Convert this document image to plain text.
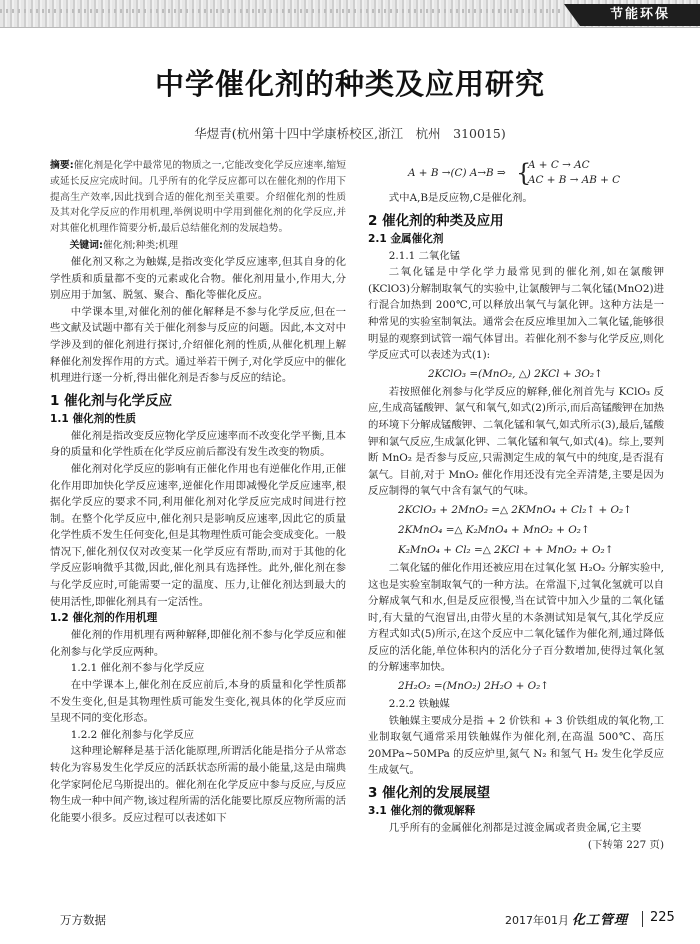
节能环保
中学催化剂的种类及应用研究
华煜青(杭州第十四中学康桥校区,浙江　杭州　310015)
摘要:催化剂是化学中最常见的物质之一,它能改变化学反应速率,缩短或延长反应完成时间。几乎所有的化学反应都可以在催化剂的作用下提高生产效率,因此找到合适的催化剂至关重要。介绍催化剂的性质及其对化学反应的作用机理,举例说明中学用到催化剂的化学反应,并对其催化机理作简要分析,最后总结催化剂的发展趋势。
关键词:催化剂;种类;机理

催化剂又称之为触媒,是指改变化学反应速率,但其自身的化学性质和质量都不变的元素或化合物。催化剂用量小,作用大,分别应用于加氢、脱氢、聚合、酯化等催化反应。

中学课本里,对催化剂的催化解释是不参与化学反应,但在一些文献及试题中都有关于催化剂参与反应的问题。因此,本文对中学涉及到的催化剂进行探讨,介绍催化剂的性质,从催化机理上解释催化剂发挥作用的方式。通过举若干例子,对化学反应中的催化机理进行逐一分析,得出催化剂是否参与反应的结论。

1 催化剂与化学反应
1.1 催化剂的性质

催化剂是指改变反应物化学反应速率而不改变化学平衡,且本身的质量和化学性质在化学反应前后都没有发生改变的物质。

催化剂对化学反应的影响有正催化作用也有逆催化作用,正催化作用即加快化学反应速率,逆催化作用即减慢化学反应速率,根据化学反应的要求不同,利用催化剂对化学反应完成时间进行控制。在整个化学反应中,催化剂只是影响反应速率,因此它的质量化学性质不发生任何变化,但是其物理性质可能会变成变化。一般情况下,催化剂仅仅对改变某一化学反应有帮助,而对于其他的化学反应影响微乎其微,因此,催化剂具有选择性。此外,催化剂在参与化学反应时,可能需要一定的温度、压力,让催化剂达到最大的使用活性,即催化剂具有一定活性。

1.2 催化剂的作用机理

催化剂的作用机理有两种解释,即催化剂不参与化学反应和催化剂参与化学反应两种。

1.2.1 催化剂不参与化学反应

在中学课本上,催化剂在反应前后,本身的质量和化学性质都不发生变化,但是其物理性质可能发生变化,视具体的化学反应而呈现不同的变化形态。

1.2.2 催化剂参与化学反应

这种理论解释是基于活化能原理,所谓活化能是指分子从常态转化为容易发生化学反应的活跃状态所需的最小能量,这是由瑞典化学家阿伦尼乌斯提出的。催化剂在化学反应中参与反应,与反应物生成一种中间产物,该过程所需的活化能要比原反应物所需的活化能要小很多。反应过程可以表述如下

A + B →(C) A→B ⇒ {
A + C → AC
AC + B → AB + C

式中A,B是反应物,C是催化剂。

2 催化剂的种类及应用
2.1 金属催化剂
2.1.1 二氧化锰

二氧化锰是中学化学力最常见到的催化剂,如在氯酸钾(KClO3)分解制取氧气的实验中,让氯酸钾与二氧化锰(MnO2)进行混合加热到 200℃,可以释放出氧气与氯化钾。这种方法是一种常见的实验室制氧法。通常会在反应堆里加入二氧化锰,能够很明显的观察到试管一端气体冒出。若催化剂不参与化学反应,则化学反应式可以表述为式(1):

2KClO₃ =(MnO₂, △) 2KCl + 3O₂↑

若按照催化剂参与化学反应的解释,催化剂首先与 KClO₃ 反应,生成高锰酸钾、氯气和氧气,如式(2)所示,而后高锰酸钾在加热的环境下分解成锰酸钾、二氧化锰和氧气,如式所示(3),最后,锰酸钾和氯气反应,生成氯化钾、二氧化锰和氧气,如式(4)。综上,要判断 MnO₂ 是否参与反应,只需测定生成的氧气中的纯度,是否混有氯气。目前,对于 MnO₂ 催化作用还没有完全弄清楚,主要是因为反应制得的氧气中含有氯气的气味。

2KClO₃ + 2MnO₂ =△ 2KMnO₄ + Cl₂↑ + O₂↑
2KMnO₄ =△ K₂MnO₄ + MnO₂ + O₂↑
K₂MnO₄ + Cl₂ =△ 2KCl + + MnO₂ + O₂↑

二氧化锰的催化作用还被应用在过氧化氢 H₂O₂ 分解实验中,这也是实验室制取氧气的一种方法。在常温下,过氧化氢就可以自分解成氧气和水,但是反应很慢,当在试管中加入少量的二氧化锰时,有大量的气泡冒出,由带火星的木条测试知是氧气,其化学反应方程式如式(5)所示,在这个反应中二氧化锰作为催化剂,通过降低反应的活化能,单位体积内的活化分子百分数增加,使得过氧化氢的分解速率加快。

2H₂O₂ =(MnO₂) 2H₂O + O₂↑
2.2.2 铁触媒

铁触媒主要成分是指 + 2 价铁和 + 3 价铁组成的氧化物,工业制取氨气通常采用铁触媒作为催化剂,在高温 500℃、高压 20MPa~50MPa 的反应炉里,氮气 N₂ 和氢气 H₂ 发生化学反应生成氨气。

3 催化剂的发展展望
3.1 催化剂的微观解释

几乎所有的金属催化剂都是过渡金属或者贵金属,它主要

(下转第 227 页)
万方数据	2017年01月 化工管理 225
